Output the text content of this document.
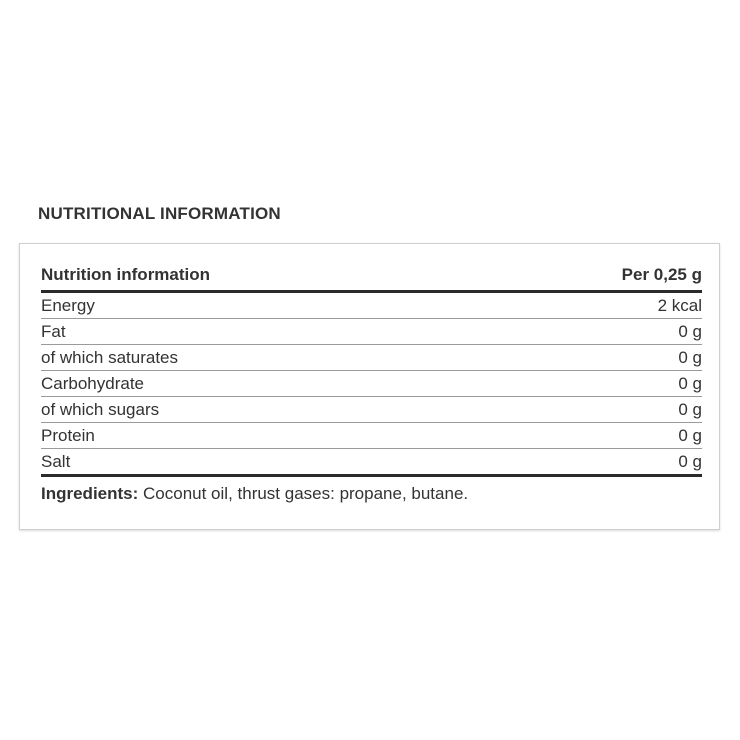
NUTRITIONAL INFORMATION
Nutrition information	Per 0,25 g
Energy	2 kcal
Fat	0 g
of which saturates	0 g
Carbohydrate	0 g
of which sugars	0 g
Protein	0 g
Salt	0 g
Ingredients: Coconut oil, thrust gases: propane, butane.
